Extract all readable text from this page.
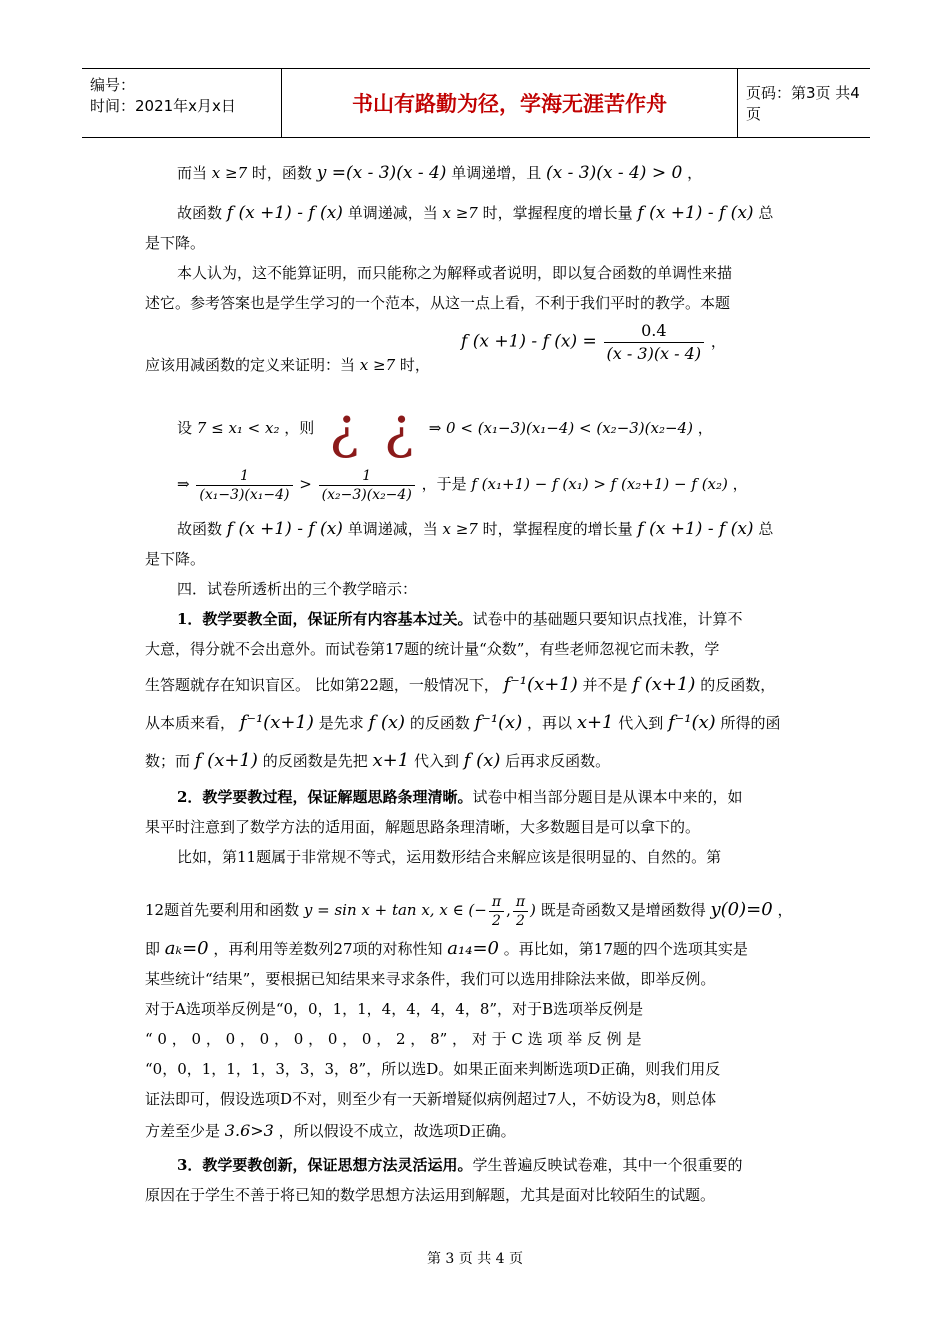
编号：
时间：2021年x月x日	书山有路勤为径，学海无涯苦作舟	页码：第3页 共4页
而当 x ≥7 时，函数 y =(x - 3)(x - 4) 单调递增，且 (x - 3)(x - 4) > 0 ，
故函数 f (x +1) - f (x) 单调递减，当 x ≥7 时，掌握程度的增长量 f (x +1) - f (x) 总
是下降。
本人认为，这不能算证明，而只能称之为解释或者说明，即以复合函数的单调性来描
述它。参考答案也是学生学习的一个范本，从这一点上看，不利于我们平时的教学。本题
应该用减函数的定义来证明：当 x ≥7 时，
f (x +1) - f $(x) = \frac{0.4}{(x - 3)(x - 4)}$ ，
设 7 ≤ x₁ < x₂ ，则 ¿ ¿ ⇒ 0 < (x₁−3)(x₁−4) < (x₂−3)(x₂−4) ，
⇒ $\frac{1}{\text{(x₁−3)(x₁−4)}} > \frac{1}{\text{(x₂−3)(x₂−4)}}$ ，于是 f (x₁+1) − f (x₁) > f (x₂+1) − f (x₂) ，
故函数 f (x +1) - f (x) 单调递减，当 x ≥7 时，掌握程度的增长量 f (x +1) - f (x) 总
是下降。
四．试卷所透析出的三个教学暗示：
1．教学要教全面，保证所有内容基本过关。试卷中的基础题只要知识点找准，计算不
大意，得分就不会出意外。而试卷第17题的统计量“众数”，有些老师忽视它而未教，学
生答题就存在知识盲区。 比如第22题，一般情况下， f⁻¹(x+1) 并不是 f (x+1) 的反函数，
从本质来看， f⁻¹(x+1) 是先求 f (x) 的反函数 f⁻¹(x) ，再以 x+1 代入到 f⁻¹(x) 所得的函
数；而 f (x+1) 的反函数是先把 x+1 代入到 f (x) 后再求反函数。
2．教学要教过程，保证解题思路条理清晰。试卷中相当部分题目是从课本中来的，如
果平时注意到了数学方法的适用面，解题思路条理清晰，大多数题目是可以拿下的。
比如，第11题属于非常规不等式，运用数形结合来解应该是很明显的、自然的。第
12题首先要利用和函数 y = sin x + tan x, x ∈ (− $\frac{\pi}{2}$ , $\frac{\pi}{2}$ ) 既是奇函数又是增函数得 y(0)=0 ，
即 aₖ=0 ，再利用等差数列27项的对称性知 a₁₄=0 。再比如，第17题的四个选项其实是
某些统计“结果”，要根据已知结果来寻求条件，我们可以选用排除法来做，即举反例。
对于A选项举反例是“0，0，1，1，4，4，4，4，8”，对于B选项举反例是
“ 0 ， 0 ， 0 ， 0 ， 0 ， 0 ， 0 ， 2 ， 8” ， 对 于 C 选 项 举 反 例 是
“0，0，1，1，1，3，3，3，8”，所以选D。如果正面来判断选项D正确，则我们用反
证法即可，假设选项D不对，则至少有一天新增疑似病例超过7人，不妨设为8，则总体
方差至少是 3.6>3 ，所以假设不成立，故选项D正确。
3．教学要教创新，保证思想方法灵活运用。学生普遍反映试卷难，其中一个很重要的
原因在于学生不善于将已知的数学思想方法运用到解题，尤其是面对比较陌生的试题。
第 3 页 共 4 页
